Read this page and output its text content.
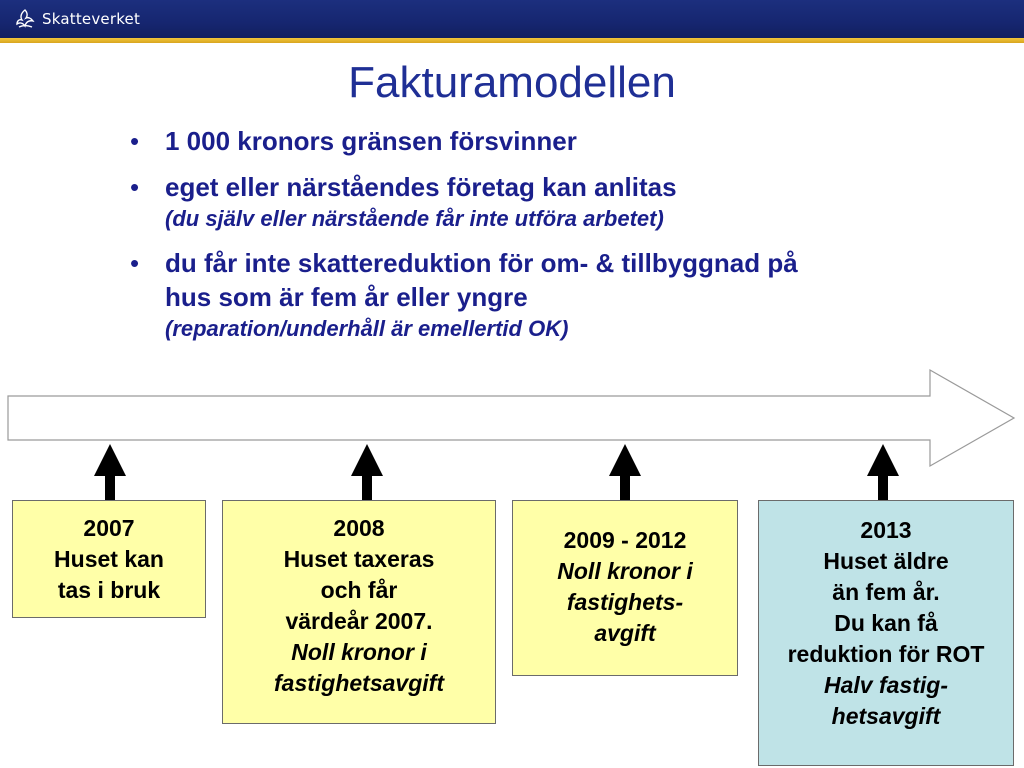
Skatteverket
Fakturamodellen
• 1 000 kronors gränsen försvinner
• eget eller närståendes företag kan anlitas
(du själv eller närstående får inte utföra arbetet)
• du får inte skattereduktion för om- & tillbyggnad på
hus som är fem år eller yngre
(reparation/underhåll är emellertid OK)
2007
Huset kan
tas i bruk
2008
Huset taxeras
och får
värdeår 2007.
Noll kronor i
fastighetsavgift
2009 - 2012
Noll kronor i
fastighets-
avgift
2013
Huset äldre
än fem år.
Du kan få
reduktion för ROT
Halv fastig-
hetsavgift
